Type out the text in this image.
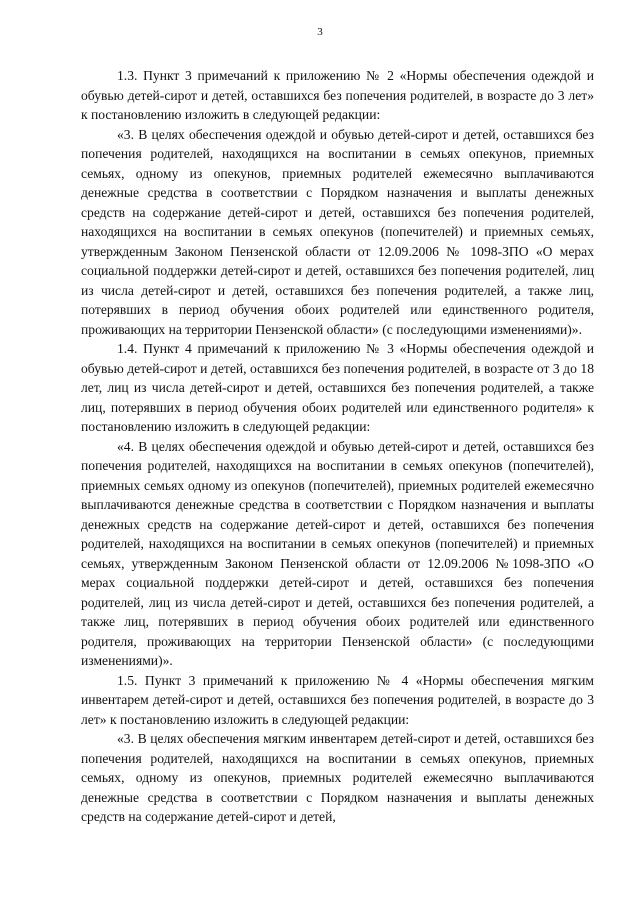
3

1.3. Пункт 3 примечаний к приложению № 2 «Нормы обеспечения одеждой и обувью детей-сирот и детей, оставшихся без попечения родителей, в возрасте до 3 лет» к постановлению изложить в следующей редакции:

«3. В целях обеспечения одеждой и обувью детей-сирот и детей, оставшихся без попечения родителей, находящихся на воспитании в семьях опекунов, приемных семьях, одному из опекунов, приемных родителей ежемесячно выплачиваются денежные средства в соответствии с Порядком назначения и выплаты денежных средств на содержание детей-сирот и детей, оставшихся без попечения родителей, находящихся на воспитании в семьях опекунов (попечителей) и приемных семьях, утвержденным Законом Пензенской области от 12.09.2006 № 1098-ЗПО «О мерах социальной поддержки детей-сирот и детей, оставшихся без попечения родителей, лиц из числа детей-сирот и детей, оставшихся без попечения родителей, а также лиц, потерявших в период обучения обоих родителей или единственного родителя, проживающих на территории Пензенской области» (с последующими изменениями)».

1.4. Пункт 4 примечаний к приложению № 3 «Нормы обеспечения одеждой и обувью детей-сирот и детей, оставшихся без попечения родителей, в возрасте от 3 до 18 лет, лиц из числа детей-сирот и детей, оставшихся без попечения родителей, а также лиц, потерявших в период обучения обоих родителей или единственного родителя» к постановлению изложить в следующей редакции:

«4. В целях обеспечения одеждой и обувью детей-сирот и детей, оставшихся без попечения родителей, находящихся на воспитании в семьях опекунов (попечителей), приемных семьях одному из опекунов (попечителей), приемных родителей ежемесячно выплачиваются денежные средства в соответствии с Порядком назначения и выплаты денежных средств на содержание детей-сирот и детей, оставшихся без попечения родителей, находящихся на воспитании в семьях опекунов (попечителей) и приемных семьях, утвержденным Законом Пензенской области от 12.09.2006 №1098-ЗПО «О мерах социальной поддержки детей-сирот и детей, оставшихся без попечения родителей, лиц из числа детей-сирот и детей, оставшихся без попечения родителей, а также лиц, потерявших в период обучения обоих родителей или единственного родителя, проживающих на территории Пензенской области» (с последующими изменениями)».

1.5. Пункт 3 примечаний к приложению № 4 «Нормы обеспечения мягким инвентарем детей-сирот и детей, оставшихся без попечения родителей, в возрасте до 3 лет» к постановлению изложить в следующей редакции:

«3. В целях обеспечения мягким инвентарем детей-сирот и детей, оставшихся без попечения родителей, находящихся на воспитании в семьях опекунов, приемных семьях, одному из опекунов, приемных родителей ежемесячно выплачиваются денежные средства в соответствии с Порядком назначения и выплаты денежных средств на содержание детей-сирот и детей,
